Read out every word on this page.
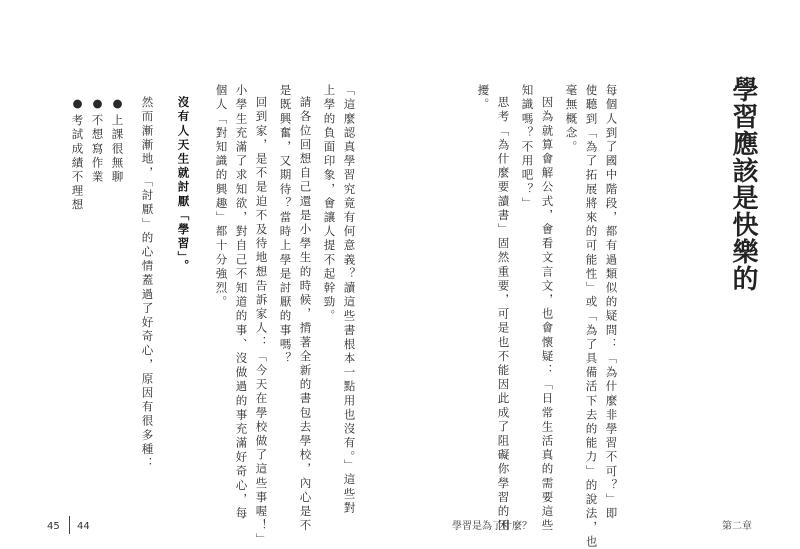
學習應該是快樂的
每個人到了國中階段，都有過類似的疑問：「為什麼非學習不可？」即
使聽到「為了拓展將來的可能性」或「為了具備活下去的能力」的說法，也
毫無概念。
因為就算會解公式，會看文言文，也會懷疑：「日常生活真的需要這些
知識嗎？不用吧？」
思考「為什麼要讀書」固然重要，可是也不能因此成了阻礙你學習的困
擾。
「這麼認真學習究竟有何意義？讀這些書根本一點用也沒有。」這些對
上學的負面印象，會讓人提不起幹勁。
請各位回想自己還是小學生的時候，揹著全新的書包去學校，內心是不
是既興奮，又期待？當時上學是討厭的事嗎？
回到家，是不是迫不及待地想告訴家人：「今天在學校做了這些事喔！」
小學生充滿了求知欲，對自己不知道的事、沒做過的事充滿好奇心，每
個人「對知識的興趣」都十分強烈。
沒有人天生就討厭「學習」。
然而漸漸地，「討厭」的心情蓋過了好奇心，原因有很多種：
●上課很無聊
●不想寫作業
●考試成績不理想
45 44	學習是為了什麼？	第二章
